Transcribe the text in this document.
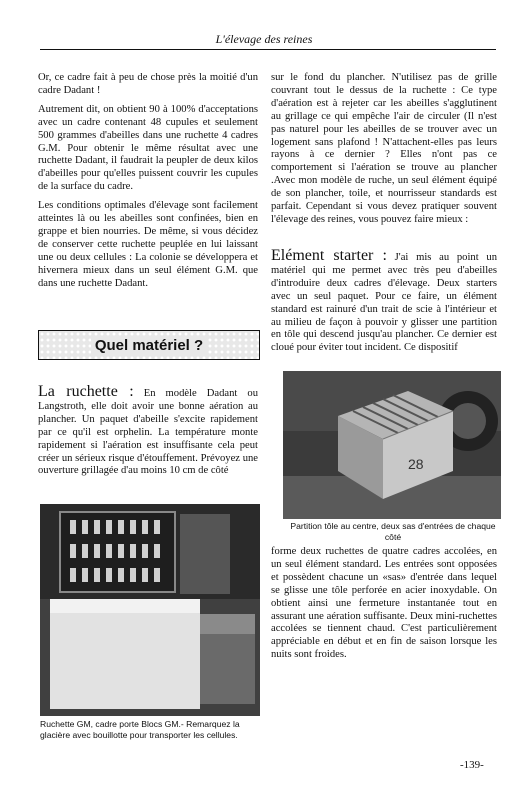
L'élevage des reines

Or, ce cadre fait à peu de chose près la moitié d'un cadre Dadant !

Autrement dit, on obtient 90 à 100% d'acceptations avec un cadre contenant 48 cupules et seulement 500 grammes d'abeilles dans une ruchette 4 cadres G.M. Pour obtenir le même résultat avec une ruchette Dadant, il faudrait la peupler de deux kilos d'abeilles pour qu'elles puissent couvrir les cupules de la surface du cadre.

Les conditions optimales d'élevage sont facilement atteintes là ou les abeilles sont confinées, bien en grappe et bien nourries. De même, si vous décidez de conserver cette ruchette peuplée en lui laissant une ou deux cellules : La colonie se développera et hivernera mieux dans un seul élément G.M. que dans une ruchette Dadant.

Quel matériel ?

La ruchette : En modèle Dadant ou Langstroth, elle doit avoir une bonne aération au plancher. Un paquet d'abeille s'excite rapidement par ce qu'il est orphelin. La température monte rapidement si l'aération est insuffisante cela peut créer un sérieux risque d'étouffement. Prévoyez une ouverture grillagée d'au moins 10 cm de côté

sur le fond du plancher. N'utilisez pas de grille couvrant tout le dessus de la ruchette : Ce type d'aération est à rejeter car les abeilles s'agglutinent au grillage ce qui empêche l'air de circuler (Il n'est pas naturel pour les abeilles de se trouver avec un logement sans plafond ! N'attachent-elles pas leurs rayons à ce dernier ? Elles n'ont pas ce comportement si l'aération se trouve au plancher .Avec mon modèle de ruche, un seul élément équipé de son plancher, toile, et nourrisseur standards est parfait. Cependant si vous devez pratiquer souvent l'élevage des reines, vous pouvez faire mieux :

Elément starter : J'ai mis au point un matériel qui me permet avec très peu d'abeilles d'introduire deux cadres d'élevage. Deux starters avec un seul paquet. Pour ce faire, un élément standard est rainuré d'un trait de scie à l'intérieur et au milieu de façon à pouvoir y glisser une partition en tôle qui descend jusqu'au plancher. Ce dernier est cloué pour éviter tout incident. Ce dispositif

28
Partition tôle au centre, deux sas d'entrées de chaque côté

forme deux ruchettes de quatre cadres accolées, en un seul élément standard. Les entrées sont opposées et possèdent chacune un «sas» d'entrée dans lequel se glisse une tôle perforée en acier inoxydable. On obtient ainsi une fermeture instantanée tout en assurant une aération suffisante. Deux mini-ruchettes accolées se tiennent chaud. C'est particulièrement appréciable en début et en fin de saison lorsque les nuits sont froides.

Ruchette GM, cadre porte Blocs GM.- Remarquez la glacière avec bouillotte pour transporter les cellules.
-139-
